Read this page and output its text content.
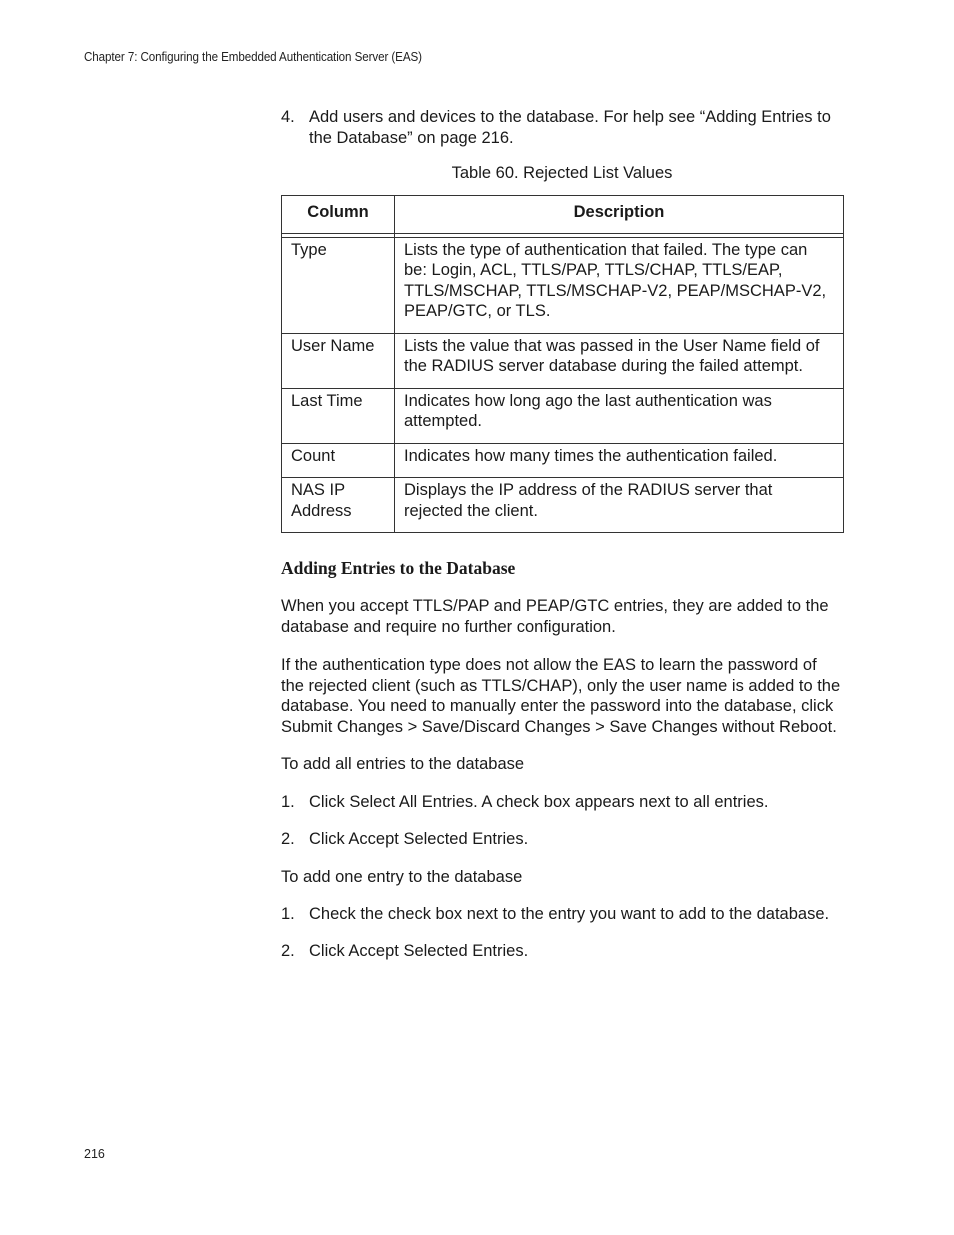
Chapter 7: Configuring the Embedded Authentication Server (EAS)
4. Add users and devices to the database. For help see “Adding Entries to the Database” on page 216.
Table 60. Rejected List Values
Column	Description

Type	Lists the type of authentication that failed. The type can be: Login, ACL, TTLS/PAP, TTLS/CHAP, TTLS/EAP, TTLS/MSCHAP, TTLS/MSCHAP-V2, PEAP/MSCHAP-V2, PEAP/GTC, or TLS.
User Name	Lists the value that was passed in the User Name field of the RADIUS server database during the failed attempt.
Last Time	Indicates how long ago the last authentication was attempted.
Count	Indicates how many times the authentication failed.
NAS IP Address	Displays the IP address of the RADIUS server that rejected the client.
Adding Entries to the Database

When you accept TTLS/PAP and PEAP/GTC entries, they are added to the database and require no further configuration.

If the authentication type does not allow the EAS to learn the password of the rejected client (such as TTLS/CHAP), only the user name is added to the database. You need to manually enter the password into the database, click Submit Changes > Save/Discard Changes > Save Changes without Reboot.

To add all entries to the database

1. Click Select All Entries. A check box appears next to all entries.
2. Click Accept Selected Entries.

To add one entry to the database

1. Check the check box next to the entry you want to add to the database.
2. Click Accept Selected Entries.
216
